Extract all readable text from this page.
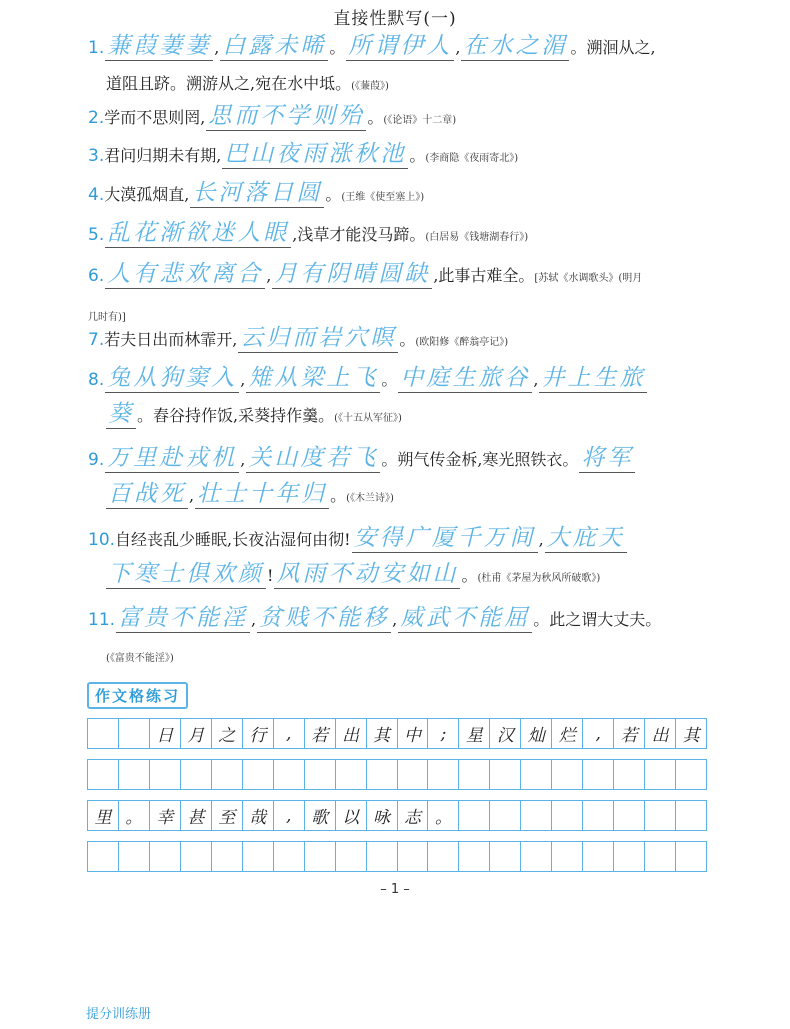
直接性默写(一)
1. 蒹葭萋萋 , 白露未晞 。 所谓伊人 , 在水之湄 。溯洄从之,
道阻且跻。溯游从之,宛在水中坻。(《蒹葭》)
2.学而不思则罔, 思而不学则殆 。(《论语》十二章)
3.君问归期未有期, 巴山夜雨涨秋池 。(李商隐《夜雨寄北》)
4.大漠孤烟直, 长河落日圆 。(王维《使至塞上》)
5. 乱花渐欲迷人眼 ,浅草才能没马蹄。(白居易《钱塘湖春行》)
6. 人有悲欢离合 , 月有阴晴圆缺 ,此事古难全。[苏轼《水调歌头》(明月
几时有)]
7.若夫日出而林霏开, 云归而岩穴暝 。(欧阳修《醉翁亭记》)
8. 兔从狗窦入 , 雉从梁上飞 。 中庭生旅谷 , 井上生旅
葵 。舂谷持作饭,采葵持作羹。(《十五从军征》)
9. 万里赴戎机 , 关山度若飞 。朔气传金柝,寒光照铁衣。 将军
百战死 , 壮士十年归 。(《木兰诗》)
10.自经丧乱少睡眠,长夜沾湿何由彻! 安得广厦千万间 , 大庇天
下寒士俱欢颜 ! 风雨不动安如山 。(杜甫《茅屋为秋风所破歌》)
11. 富贵不能淫 , 贫贱不能移 , 威武不能屈 。此之谓大丈夫。
(《富贵不能淫》)
作文格练习
日 月 之 行	,	若 出 其 中	;	星 汉 灿 烂	,	若 出 其
里 。 幸 甚 至 哉	,	歌 以 咏 志 。
– 1 –
提分训练册
